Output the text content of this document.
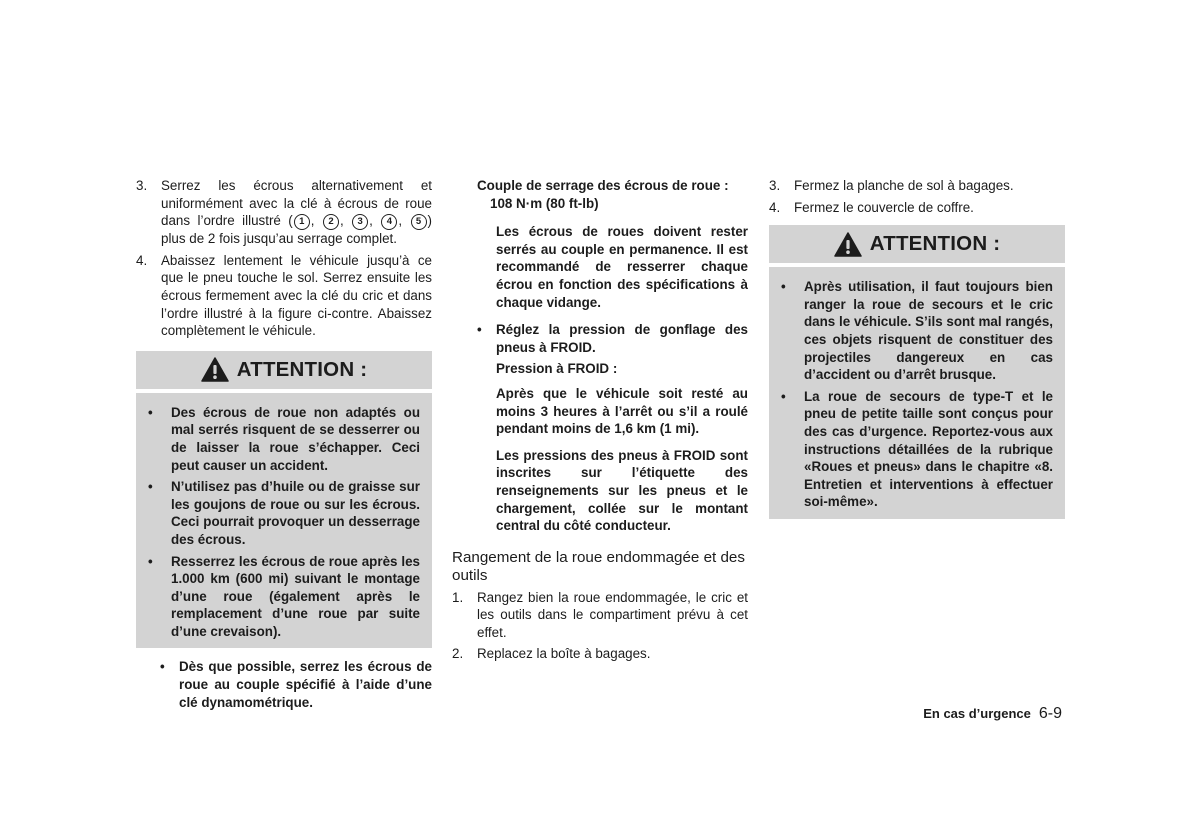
3. Serrez les écrous alternativement et uniformément avec la clé à écrous de roue dans l’ordre illustré ( 1 , 2 , 3 , 4 , 5 ) plus de 2 fois jusqu’au serrage complet.
4. Abaissez lentement le véhicule jusqu’à ce que le pneu touche le sol. Serrez ensuite les écrous fermement avec la clé du cric et dans l’ordre illustré à la figure ci-contre. Abaissez complètement le véhicule.
ATTENTION :
• Des écrous de roue non adaptés ou mal serrés risquent de se desserrer ou de laisser la roue s’échapper. Ceci peut causer un accident.
• N’utilisez pas d’huile ou de graisse sur les goujons de roue ou sur les écrous. Ceci pourrait provoquer un desserrage des écrous.
• Resserrez les écrous de roue après les 1.000 km (600 mi) suivant le montage d’une roue (également après le remplacement d’une roue par suite d’une crevaison).
• Dès que possible, serrez les écrous de roue au couple spécifié à l’aide d’une clé dynamométrique.
Couple de serrage des écrous de roue :
108 N·m (80 ft-lb)
Les écrous de roues doivent rester serrés au couple en permanence. Il est recommandé de resserrer chaque écrou en fonction des spécifications à chaque vidange.
• Réglez la pression de gonflage des pneus à FROID.
Pression à FROID :
Après que le véhicule soit resté au moins 3 heures à l’arrêt ou s’il a roulé pendant moins de 1,6 km (1 mi).
Les pressions des pneus à FROID sont inscrites sur l’étiquette des renseignements sur les pneus et le chargement, collée sur le montant central du côté conducteur.
Rangement de la roue endommagée et des outils
1. Rangez bien la roue endommagée, le cric et les outils dans le compartiment prévu à cet effet.
2. Replacez la boîte à bagages.
3. Fermez la planche de sol à bagages.
4. Fermez le couvercle de coffre.
ATTENTION :
• Après utilisation, il faut toujours bien ranger la roue de secours et le cric dans le véhicule. S’ils sont mal rangés, ces objets risquent de constituer des projectiles dangereux en cas d’accident ou d’arrêt brusque.
• La roue de secours de type-T et le pneu de petite taille sont conçus pour des cas d’urgence. Reportez-vous aux instructions détaillées de la rubrique «Roues et pneus» dans le chapitre «8. Entretien et interventions à effectuer soi-même».
En cas d’urgence 6-9
